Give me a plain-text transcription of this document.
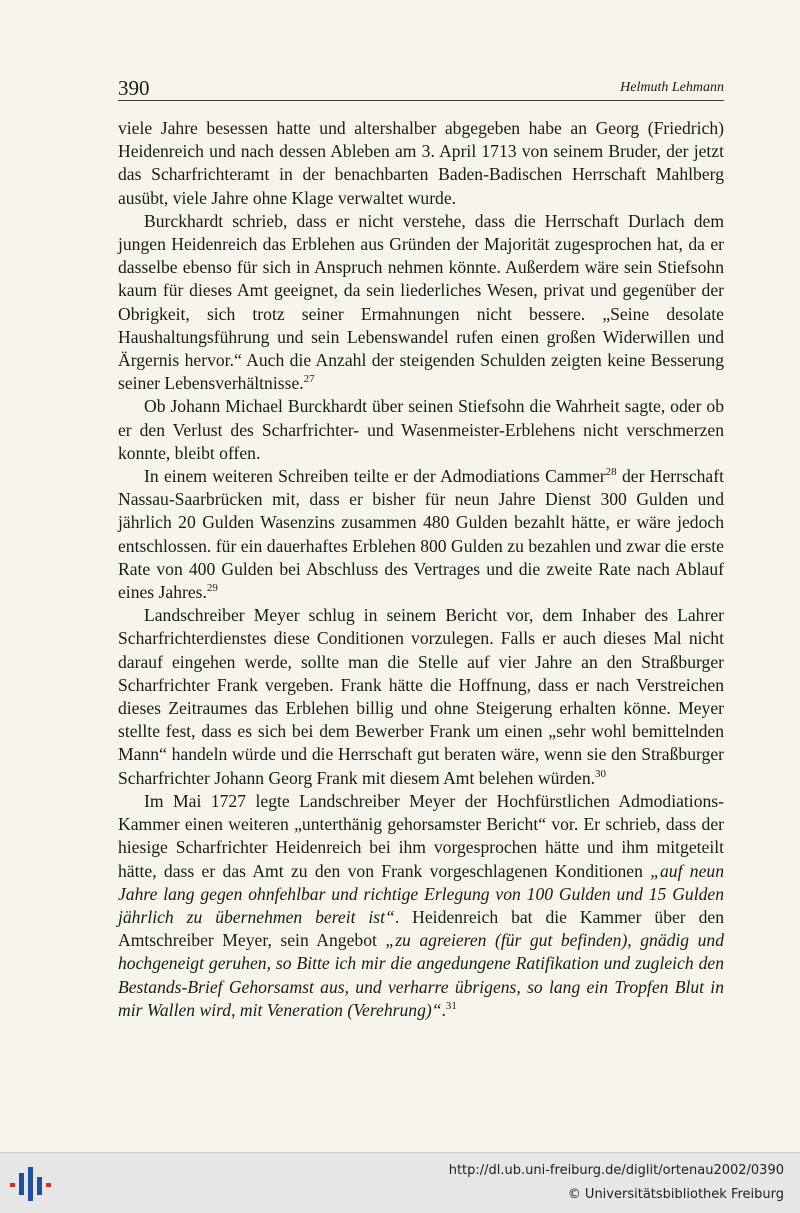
390	Helmuth Lehmann

viele Jahre besessen hatte und altershalber abgegeben habe an Georg (Friedrich) Heidenreich und nach dessen Ableben am 3. April 1713 von seinem Bruder, der jetzt das Scharfrichteramt in der benachbarten Baden-Badischen Herrschaft Mahlberg ausübt, viele Jahre ohne Klage verwaltet wurde.

Burckhardt schrieb, dass er nicht verstehe, dass die Herrschaft Durlach dem jungen Heidenreich das Erblehen aus Gründen der Majorität zugesprochen hat, da er dasselbe ebenso für sich in Anspruch nehmen könnte. Außerdem wäre sein Stiefsohn kaum für dieses Amt geeignet, da sein liederliches Wesen, privat und gegenüber der Obrigkeit, sich trotz seiner Ermahnungen nicht bessere. „Seine desolate Haushaltungsführung und sein Lebenswandel rufen einen großen Widerwillen und Ärgernis hervor.“ Auch die Anzahl der steigenden Schulden zeigten keine Besserung seiner Lebensverhältnisse.$^{27}$

Ob Johann Michael Burckhardt über seinen Stiefsohn die Wahrheit sagte, oder ob er den Verlust des Scharfrichter- und Wasenmeister-Erblehens nicht verschmerzen konnte, bleibt offen.

In einem weiteren Schreiben teilte er der Admodiations Cammer$^{28}$ der Herrschaft Nassau-Saarbrücken mit, dass er bisher für neun Jahre Dienst 300 Gulden und jährlich 20 Gulden Wasenzins zusammen 480 Gulden bezahlt hätte, er wäre jedoch entschlossen. für ein dauerhaftes Erblehen 800 Gulden zu bezahlen und zwar die erste Rate von 400 Gulden bei Abschluss des Vertrages und die zweite Rate nach Ablauf eines Jahres.$^{29}$

Landschreiber Meyer schlug in seinem Bericht vor, dem Inhaber des Lahrer Scharfrichterdienstes diese Conditionen vorzulegen. Falls er auch dieses Mal nicht darauf eingehen werde, sollte man die Stelle auf vier Jahre an den Straßburger Scharfrichter Frank vergeben. Frank hätte die Hoffnung, dass er nach Verstreichen dieses Zeitraumes das Erblehen billig und ohne Steigerung erhalten könne. Meyer stellte fest, dass es sich bei dem Bewerber Frank um einen „sehr wohl bemittelnden Mann“ handeln würde und die Herrschaft gut beraten wäre, wenn sie den Straßburger Scharfrichter Johann Georg Frank mit diesem Amt belehen würden.$^{30}$

Im Mai 1727 legte Landschreiber Meyer der Hochfürstlichen Admodiations-Kammer einen weiteren „unterthänig gehorsamster Bericht“ vor. Er schrieb, dass der hiesige Scharfrichter Heidenreich bei ihm vorgesprochen hätte und ihm mitgeteilt hätte, dass er das Amt zu den von Frank vorgeschlagenen Konditionen „auf neun Jahre lang gegen ohnfehlbar und richtige Erlegung von 100 Gulden und 15 Gulden jährlich zu übernehmen bereit ist“. Heidenreich bat die Kammer über den Amtschreiber Meyer, sein Angebot „zu agreieren (für gut befinden), gnädig und hochgeneigt geruhen, so Bitte ich mir die angedungene Ratifikation und zugleich den Bestands-Brief Gehorsamst aus, und verharre übrigens, so lang ein Tropfen Blut in mir Wallen wird, mit Veneration (Verehrung)“.$^{31}$

http://dl.ub.uni-freiburg.de/diglit/ortenau2002/0390
© Universitätsbibliothek Freiburg
